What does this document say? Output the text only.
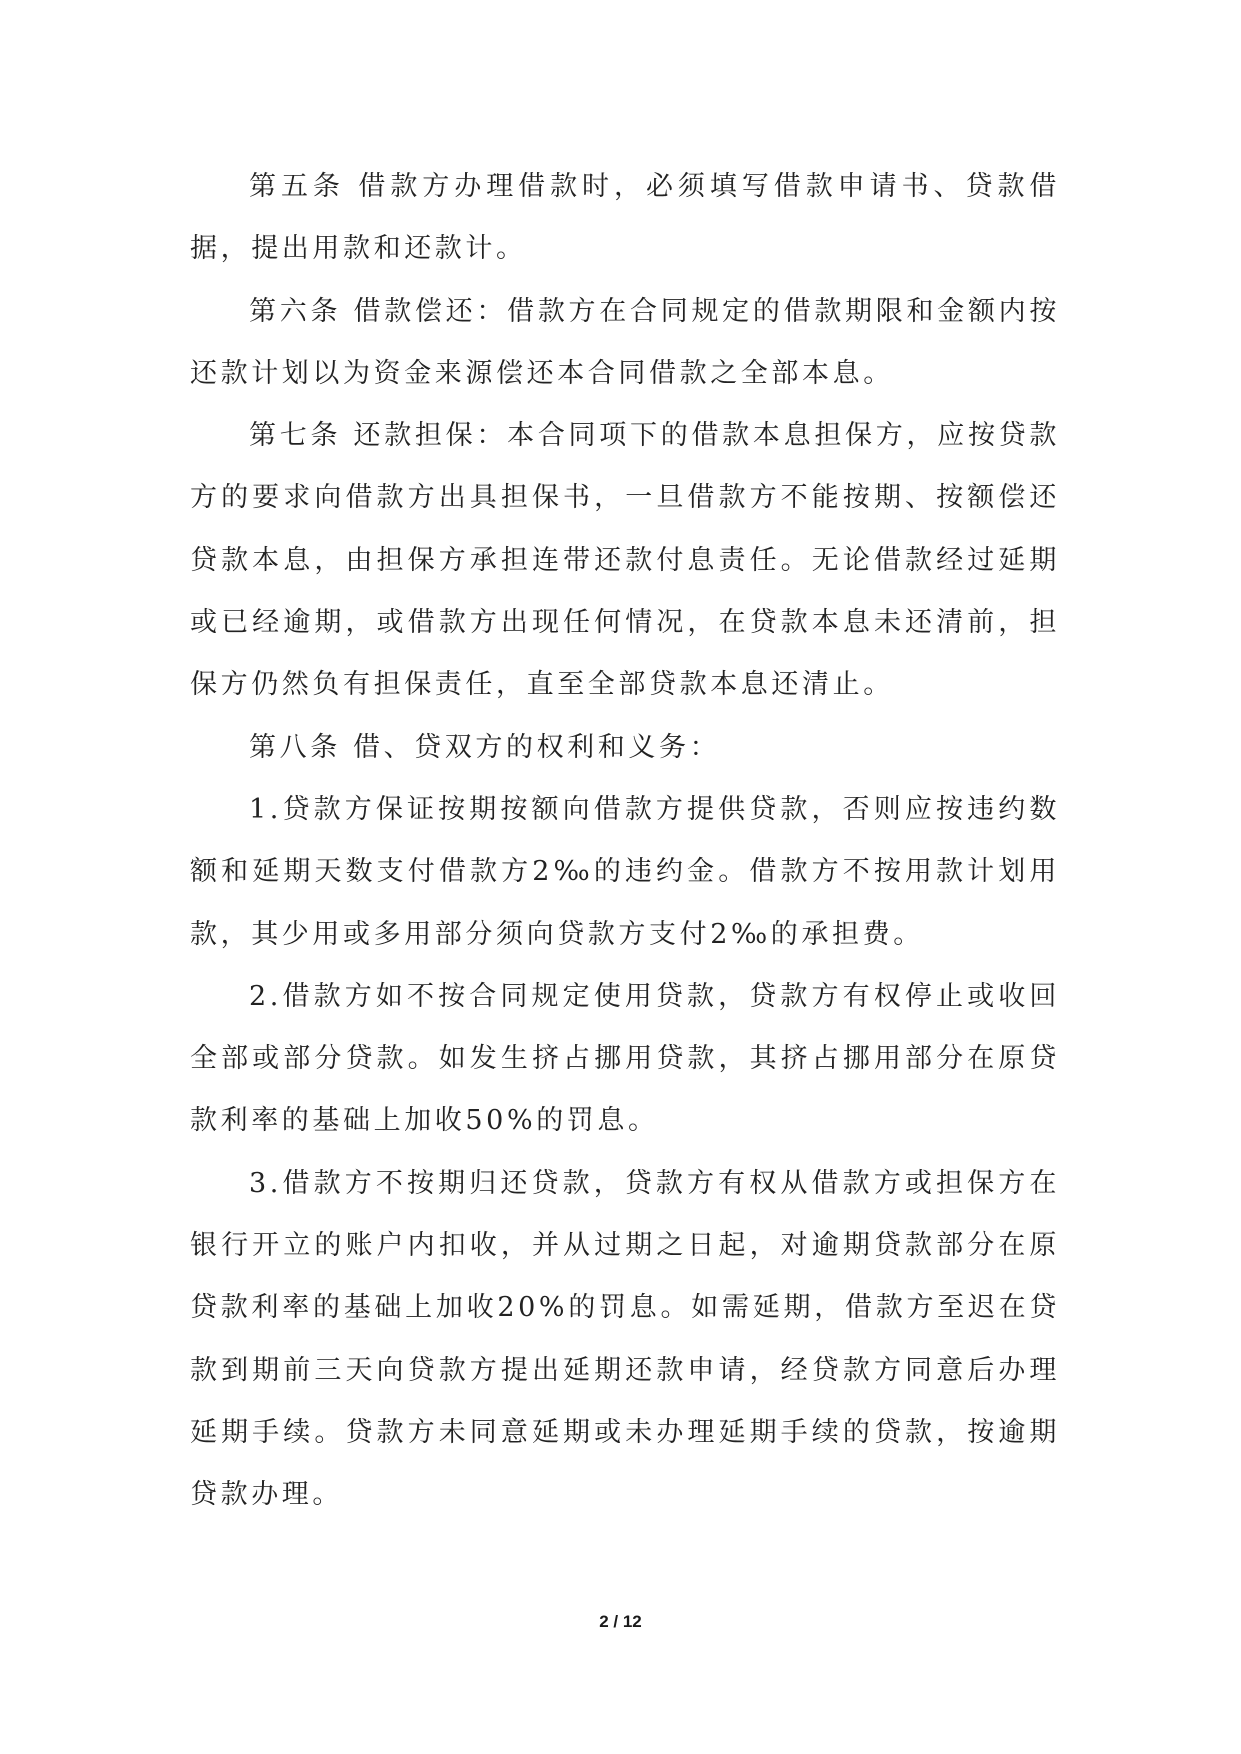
第五条 借款方办理借款时，必须填写借款申请书、贷款借据，提出用款和还款计。

第六条 借款偿还：借款方在合同规定的借款期限和金额内按还款计划以为资金来源偿还本合同借款之全部本息。

第七条 还款担保：本合同项下的借款本息担保方，应按贷款方的要求向借款方出具担保书，一旦借款方不能按期、按额偿还贷款本息，由担保方承担连带还款付息责任。无论借款经过延期或已经逾期，或借款方出现任何情况，在贷款本息未还清前，担保方仍然负有担保责任，直至全部贷款本息还清止。

第八条 借、贷双方的权利和义务：

1.贷款方保证按期按额向借款方提供贷款，否则应按违约数额和延期天数支付借款方2‰的违约金。借款方不按用款计划用款，其少用或多用部分须向贷款方支付2‰的承担费。

2.借款方如不按合同规定使用贷款，贷款方有权停止或收回全部或部分贷款。如发生挤占挪用贷款，其挤占挪用部分在原贷款利率的基础上加收50%的罚息。

3.借款方不按期归还贷款，贷款方有权从借款方或担保方在银行开立的账户内扣收，并从过期之日起，对逾期贷款部分在原贷款利率的基础上加收20%的罚息。如需延期，借款方至迟在贷款到期前三天向贷款方提出延期还款申请，经贷款方同意后办理延期手续。贷款方未同意延期或未办理延期手续的贷款，按逾期贷款办理。

2 / 12
